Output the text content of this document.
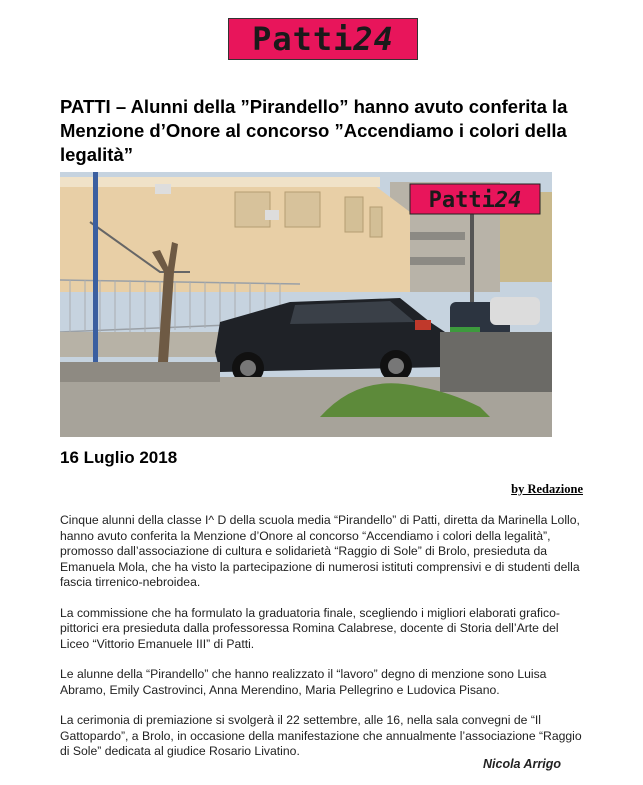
Patti24
PATTI – Alunni della ”Pirandello” hanno avuto conferita la Menzione d’Onore al concorso ”Accendiamo i colori della legalità”
Patti24
16 Luglio 2018
by Redazione

Cinque alunni della classe I^ D della scuola media “Pirandello” di Patti, diretta da Marinella Lollo, hanno avuto conferita la Menzione d’Onore al concorso “Accendiamo i colori della legalità”, promosso dall’associazione di cultura e solidarietà “Raggio di Sole” di Brolo, presieduta da Emanuela Mola, che ha visto la partecipazione di numerosi istituti comprensivi e di studenti della fascia tirrenico-nebroidea.

La commissione che ha formulato la graduatoria finale, scegliendo i migliori elaborati grafico-pittorici era presieduta dalla professoressa Romina Calabrese, docente di Storia dell’Arte del Liceo “Vittorio Emanuele III” di Patti.

Le alunne della “Pirandello” che hanno realizzato il “lavoro” degno di menzione sono Luisa Abramo, Emily Castrovinci, Anna Merendino, Maria Pellegrino e Ludovica Pisano.

La cerimonia di premiazione si svolgerà il 22 settembre, alle 16, nella sala convegni de “Il Gattopardo”, a Brolo, in occasione della manifestazione che annualmente l’associazione “Raggio di Sole” dedicata al giudice Rosario Livatino.

Nicola Arrigo
